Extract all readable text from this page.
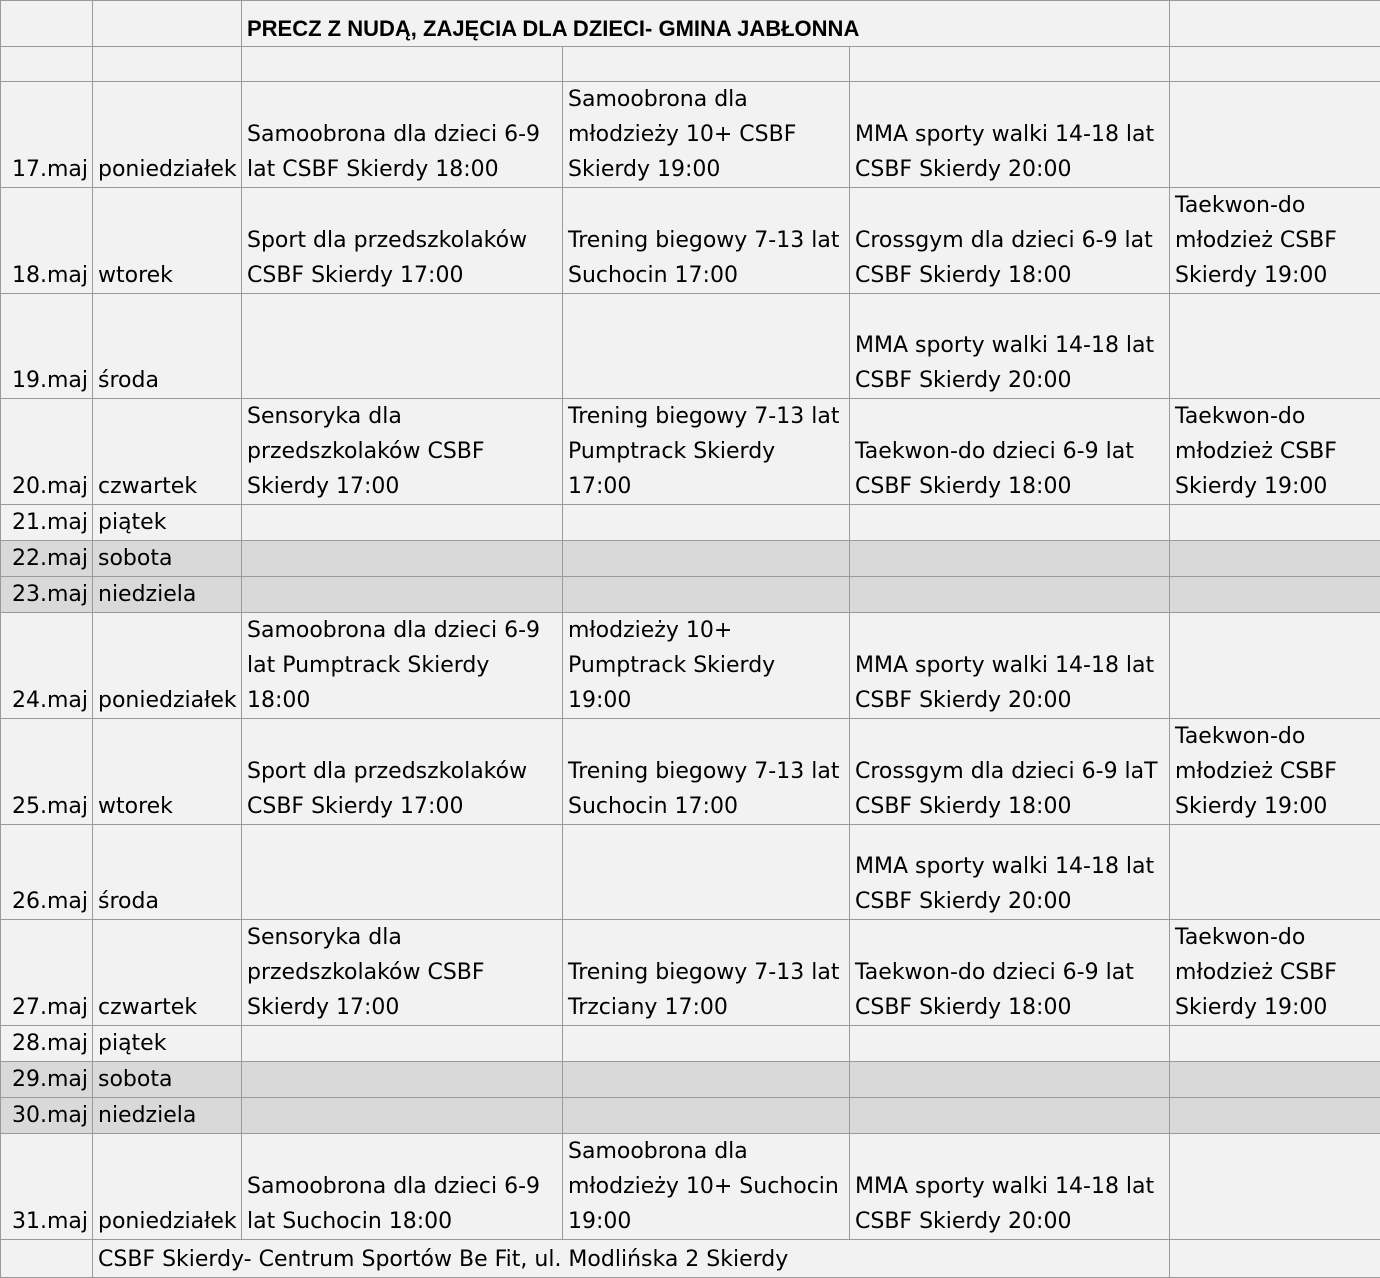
		PRECZ Z NUDĄ, ZAJĘCIA DLA DZIECI- GMINA JABŁONNA			

17.maj	poniedziałek	Samoobrona dla dzieci 6-9 lat CSBF Skierdy 18:00	Samoobrona dla młodzieży 10+ CSBF Skierdy 19:00	MMA sporty walki 14-18 lat CSBF Skierdy 20:00	
18.maj	wtorek	Sport dla przedszkolaków CSBF Skierdy 17:00	Trening biegowy 7-13 lat Suchocin 17:00	Crossgym dla dzieci 6-9 lat CSBF Skierdy 18:00	Taekwon-do młodzież CSBF Skierdy 19:00
19.maj	środa			MMA sporty walki 14-18 lat CSBF Skierdy 20:00	
20.maj	czwartek	Sensoryka dla przedszkolaków CSBF Skierdy 17:00	Trening biegowy 7-13 lat Pumptrack Skierdy 17:00	Taekwon-do dzieci 6-9 lat CSBF Skierdy 18:00	Taekwon-do młodzież CSBF Skierdy 19:00
21.maj	piątek				
22.maj	sobota				
23.maj	niedziela				
24.maj	poniedziałek	Samoobrona dla dzieci 6-9 lat Pumptrack Skierdy 18:00	młodzieży 10+ Pumptrack Skierdy 19:00	MMA sporty walki 14-18 lat CSBF Skierdy 20:00	
25.maj	wtorek	Sport dla przedszkolaków CSBF Skierdy 17:00	Trening biegowy 7-13 lat Suchocin 17:00	Crossgym dla dzieci 6-9 laT CSBF Skierdy 18:00	Taekwon-do młodzież CSBF Skierdy 19:00
26.maj	środa			MMA sporty walki 14-18 lat CSBF Skierdy 20:00	
27.maj	czwartek	Sensoryka dla przedszkolaków CSBF Skierdy 17:00	Trening biegowy 7-13 lat Trzciany 17:00	Taekwon-do dzieci 6-9 lat CSBF Skierdy 18:00	Taekwon-do młodzież CSBF Skierdy 19:00
28.maj	piątek				
29.maj	sobota				
30.maj	niedziela				
31.maj	poniedziałek	Samoobrona dla dzieci 6-9 lat Suchocin 18:00	Samoobrona dla młodzieży 10+ Suchocin 19:00	MMA sporty walki 14-18 lat CSBF Skierdy 20:00	
	CSBF Skierdy- Centrum Sportów Be Fit, ul. Modlińska 2 Skierdy				
